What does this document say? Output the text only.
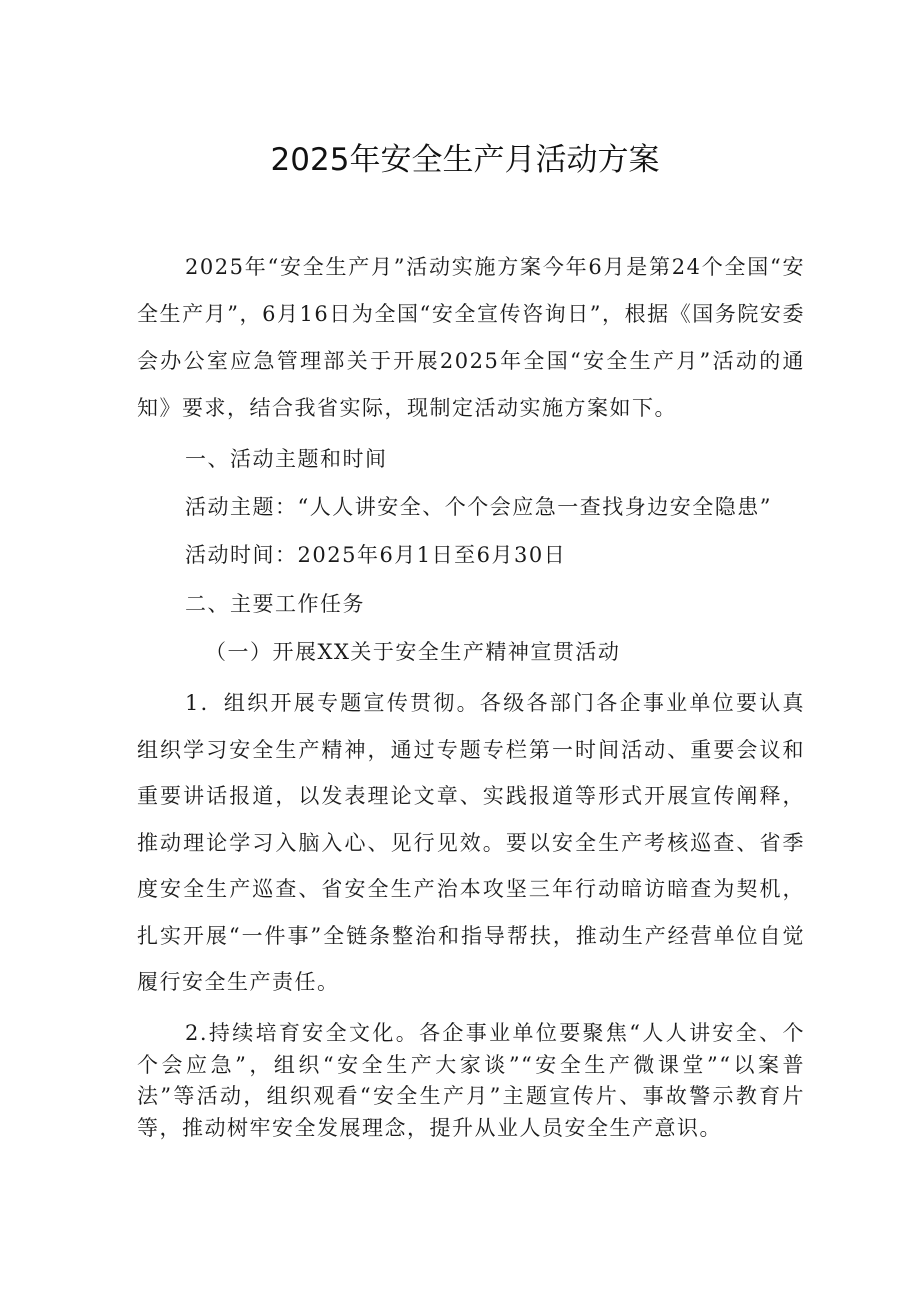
2025年安全生产月活动方案

2025年“安全生产月”活动实施方案今年6月是第24个全国“安全生产月”，6月16日为全国“安全宣传咨询日”，根据《国务院安委会办公室应急管理部关于开展2025年全国“安全生产月”活动的通知》要求，结合我省实际，现制定活动实施方案如下。

一、活动主题和时间

活动主题：“人人讲安全、个个会应急一查找身边安全隐患”

活动时间：2025年6月1日至6月30日

二、主要工作任务

（一）开展XX关于安全生产精神宣贯活动

1．组织开展专题宣传贯彻。各级各部门各企事业单位要认真组织学习安全生产精神，通过专题专栏第一时间活动、重要会议和重要讲话报道，以发表理论文章、实践报道等形式开展宣传阐释，推动理论学习入脑入心、见行见效。要以安全生产考核巡查、省季度安全生产巡查、省安全生产治本攻坚三年行动暗访暗查为契机，扎实开展“一件事”全链条整治和指导帮扶，推动生产经营单位自觉履行安全生产责任。

2.持续培育安全文化。各企事业单位要聚焦“人人讲安全、个个会应急”，组织“安全生产大家谈”“安全生产微课堂”“以案普法”等活动，组织观看“安全生产月”主题宣传片、事故警示教育片等，推动树牢安全发展理念，提升从业人员安全生产意识。
